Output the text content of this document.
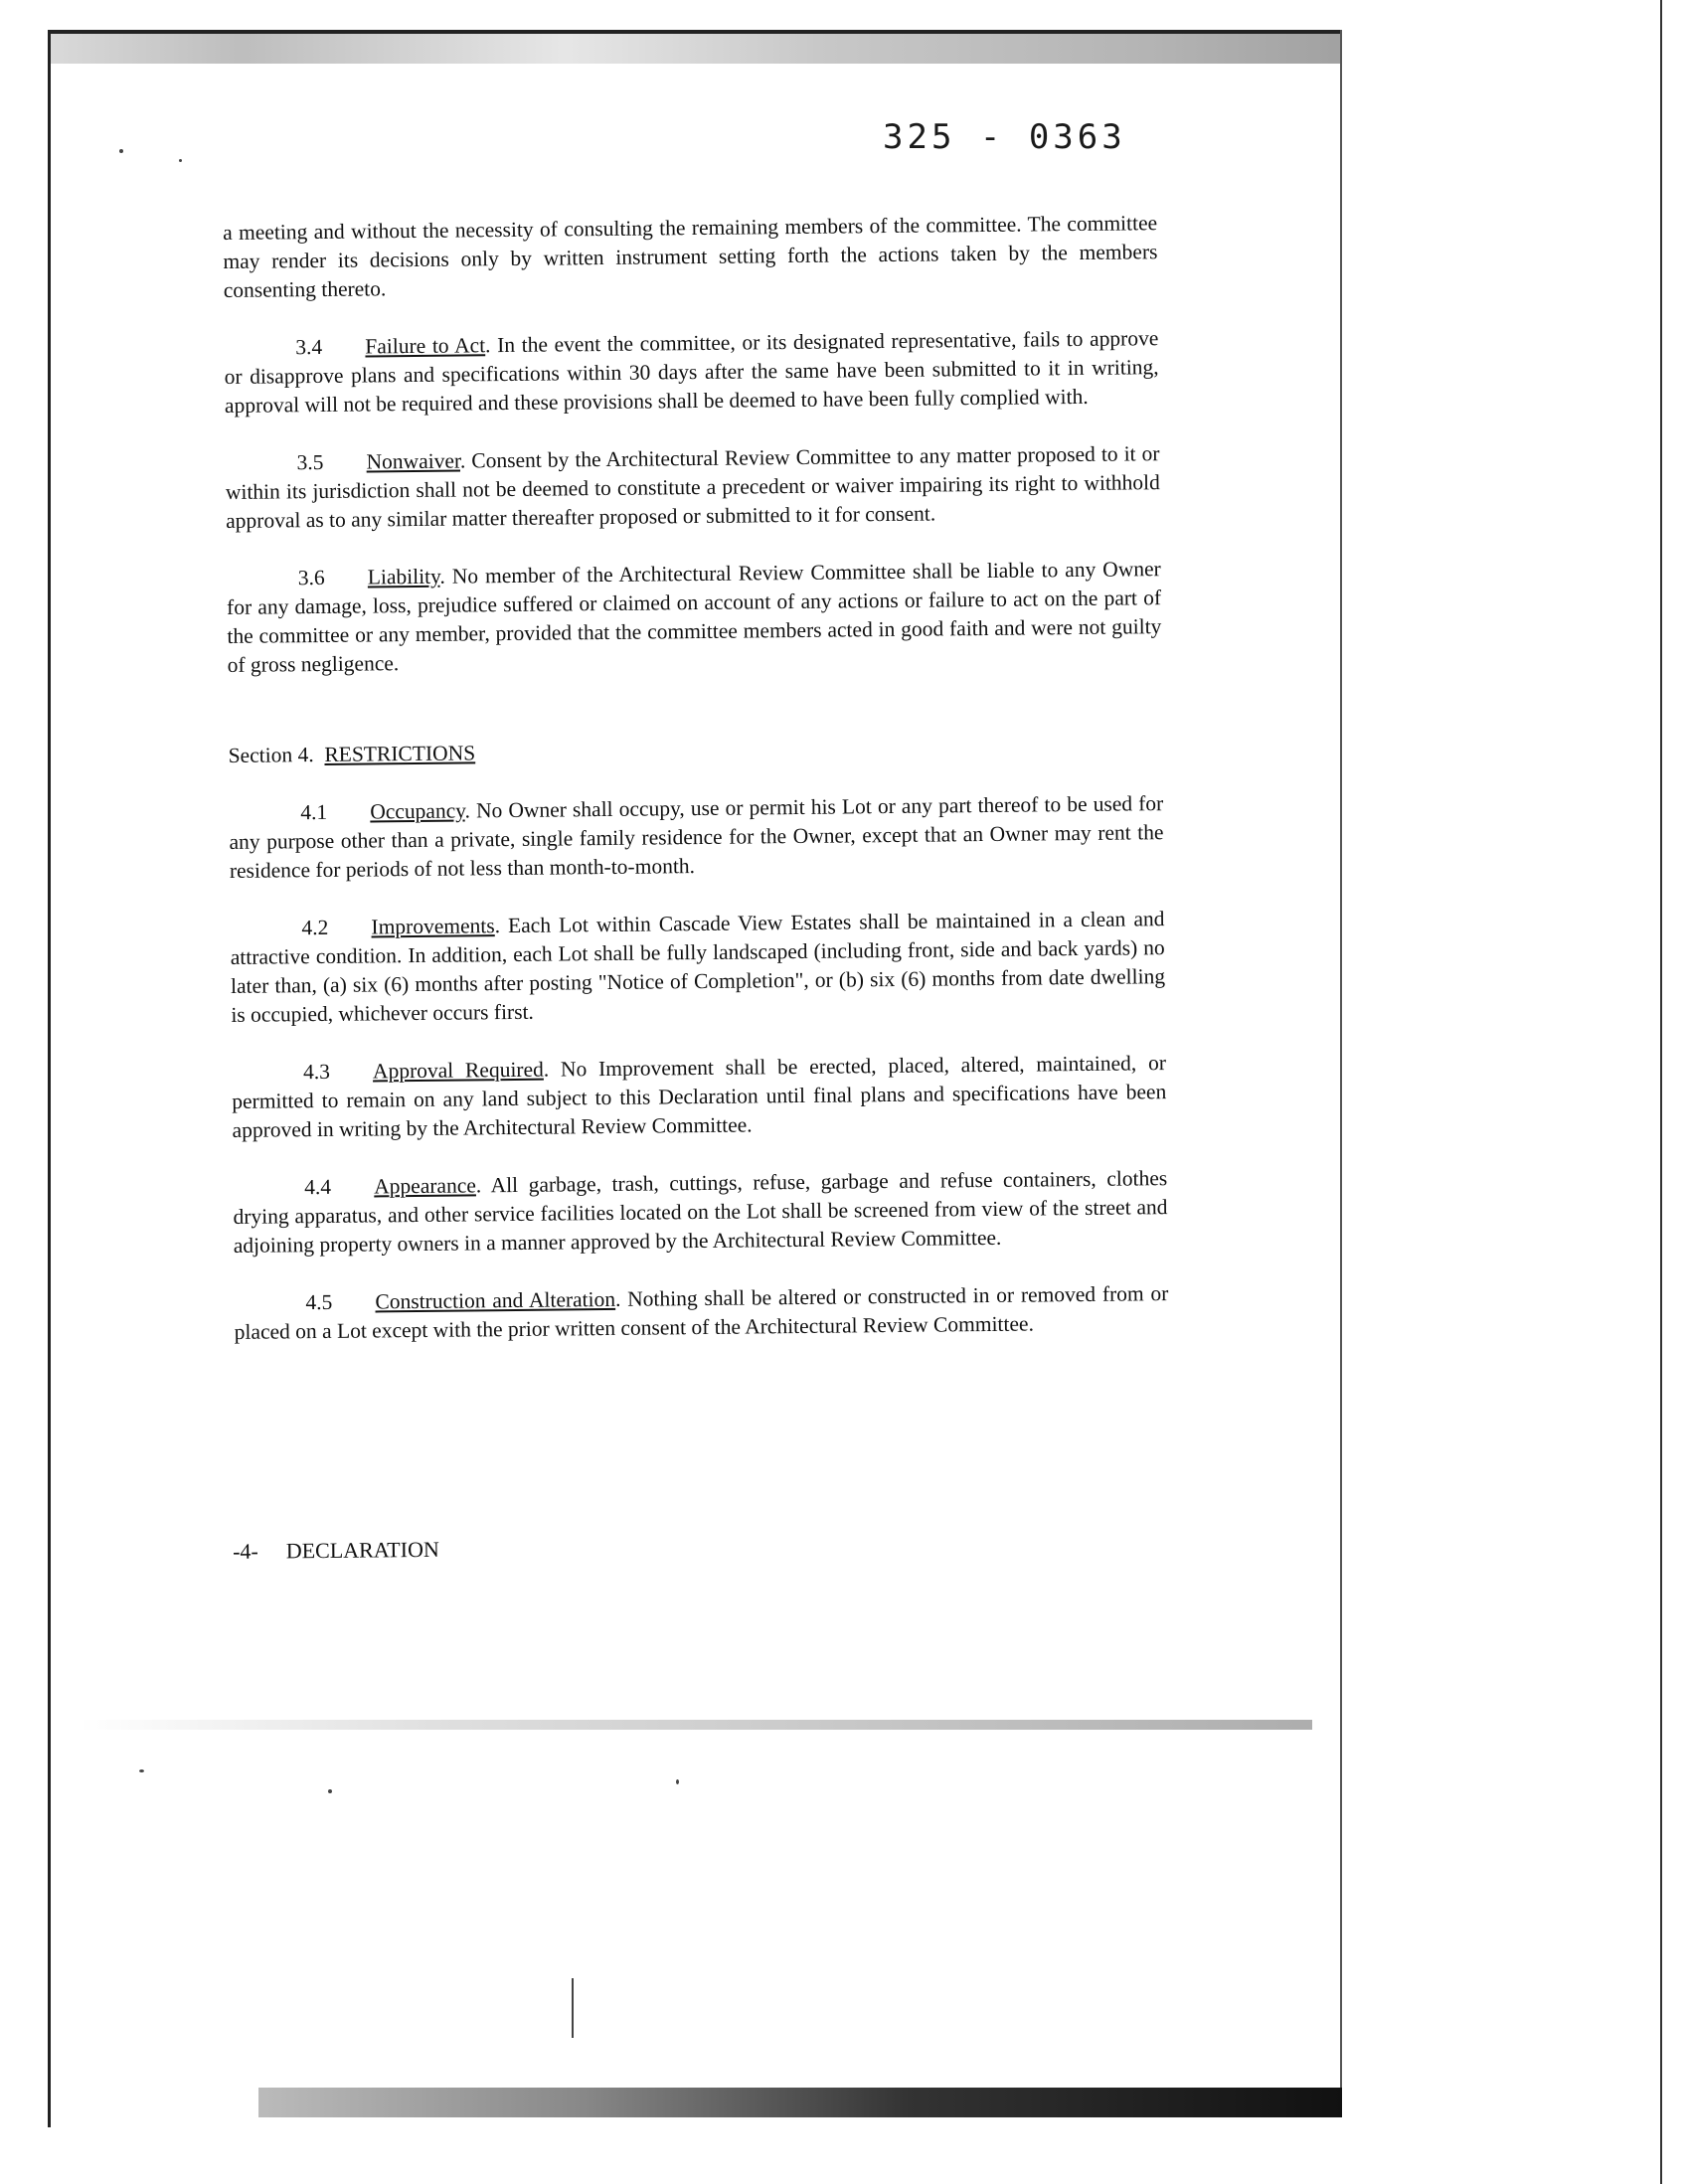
325 - 0363

a meeting and without the necessity of consulting the remaining members of the committee. The committee may render its decisions only by written instrument setting forth the actions taken by the members consenting thereto.

3.4 Failure to Act. In the event the committee, or its designated representative, fails to approve or disapprove plans and specifications within 30 days after the same have been submitted to it in writing, approval will not be required and these provisions shall be deemed to have been fully complied with.

3.5 Nonwaiver. Consent by the Architectural Review Committee to any matter proposed to it or within its jurisdiction shall not be deemed to constitute a precedent or waiver impairing its right to withhold approval as to any similar matter thereafter proposed or submitted to it for consent.

3.6 Liability. No member of the Architectural Review Committee shall be liable to any Owner for any damage, loss, prejudice suffered or claimed on account of any actions or failure to act on the part of the committee or any member, provided that the committee members acted in good faith and were not guilty of gross negligence.

Section 4. RESTRICTIONS

4.1 Occupancy. No Owner shall occupy, use or permit his Lot or any part thereof to be used for any purpose other than a private, single family residence for the Owner, except that an Owner may rent the residence for periods of not less than month-to-month.

4.2 Improvements. Each Lot within Cascade View Estates shall be maintained in a clean and attractive condition. In addition, each Lot shall be fully landscaped (including front, side and back yards) no later than, (a) six (6) months after posting "Notice of Completion", or (b) six (6) months from date dwelling is occupied, whichever occurs first.

4.3 Approval Required. No Improvement shall be erected, placed, altered, maintained, or permitted to remain on any land subject to this Declaration until final plans and specifications have been approved in writing by the Architectural Review Committee.

4.4 Appearance. All garbage, trash, cuttings, refuse, garbage and refuse containers, clothes drying apparatus, and other service facilities located on the Lot shall be screened from view of the street and adjoining property owners in a manner approved by the Architectural Review Committee.

4.5 Construction and Alteration. Nothing shall be altered or constructed in or removed from or placed on a Lot except with the prior written consent of the Architectural Review Committee.

-4- DECLARATION
